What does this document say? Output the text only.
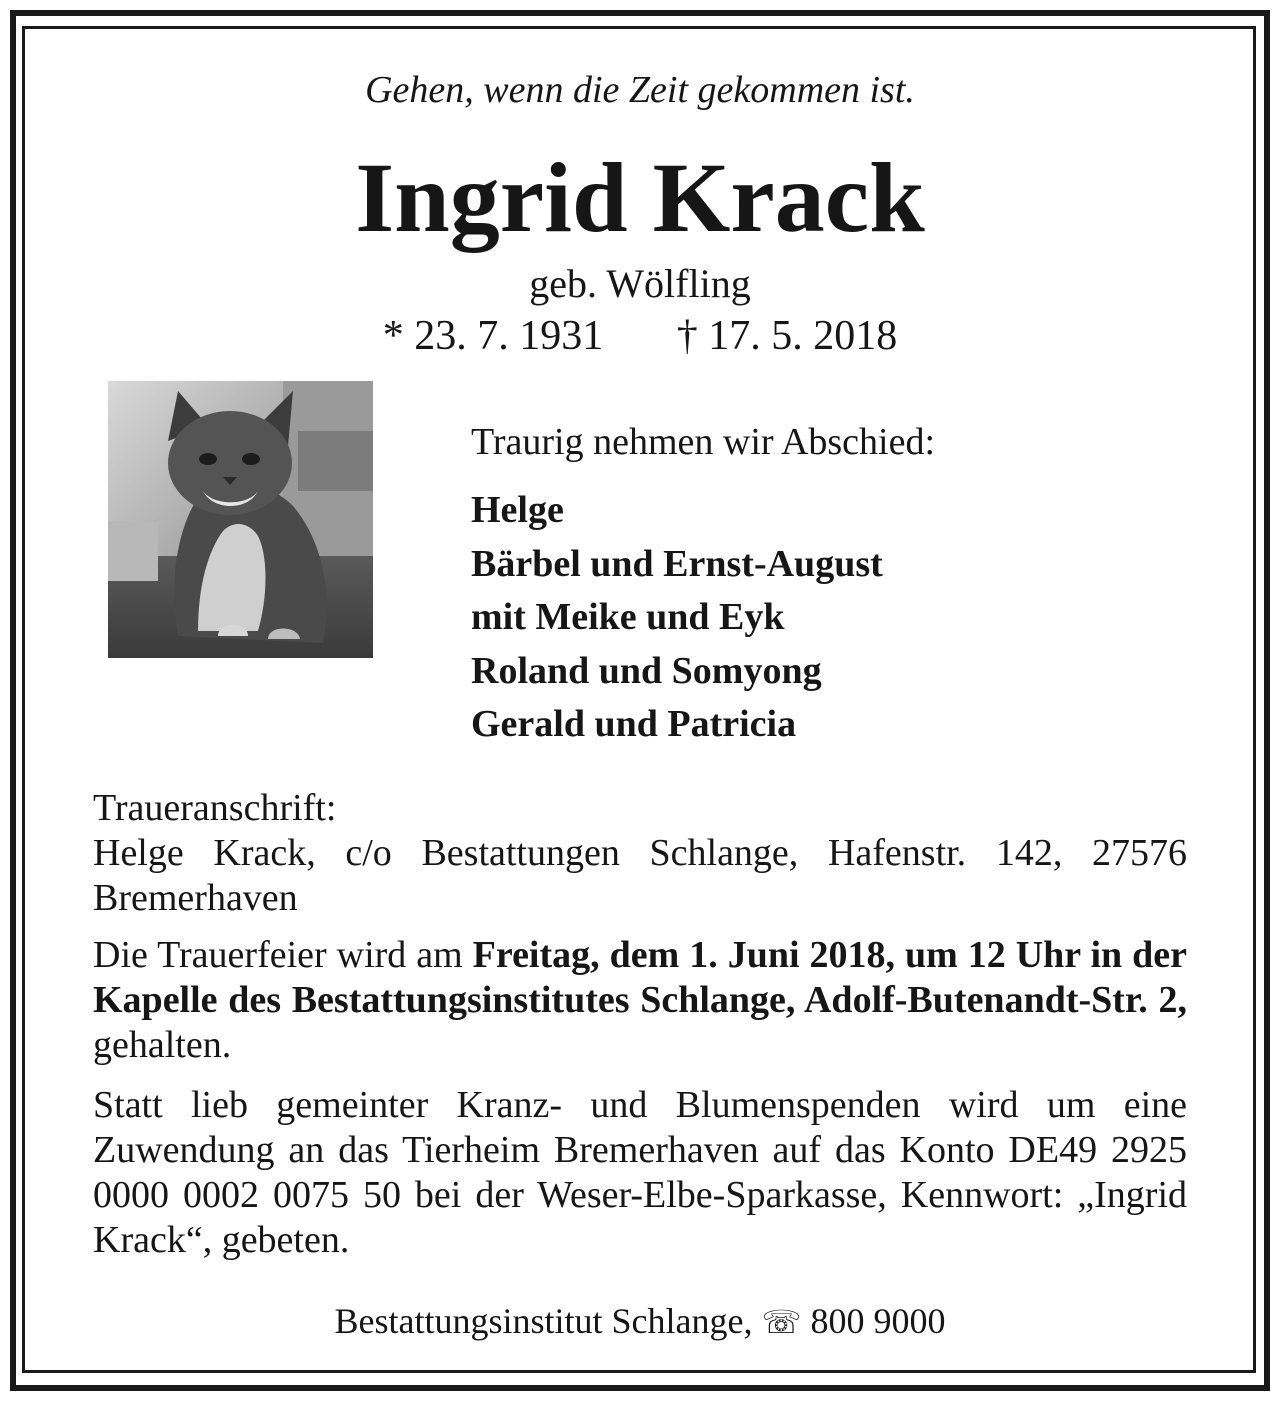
Gehen, wenn die Zeit gekommen ist.
Ingrid Krack
geb. Wölfling
* 23. 7. 1931 † 17. 5. 2018
Traurig nehmen wir Abschied:
Helge
Bärbel und Ernst-August
mit Meike und Eyk
Roland und Somyong
Gerald und Patricia

Traueranschrift:

Helge Krack, c/o Bestattungen Schlange, Hafenstr. 142, 27576 Bremerhaven

Die Trauerfeier wird am Freitag, dem 1. Juni 2018, um 12 Uhr in der Kapelle des Bestattungsinstitutes Schlange, Adolf-Butenandt-Str. 2, gehalten.

Statt lieb gemeinter Kranz- und Blumenspenden wird um eine Zuwendung an das Tierheim Bremerhaven auf das Konto DE49 2925 0000 0002 0075 50 bei der Weser-Elbe-Sparkasse, Kennwort: „Ingrid Krack“, gebeten.

Bestattungsinstitut Schlange, ☏ 800 9000
